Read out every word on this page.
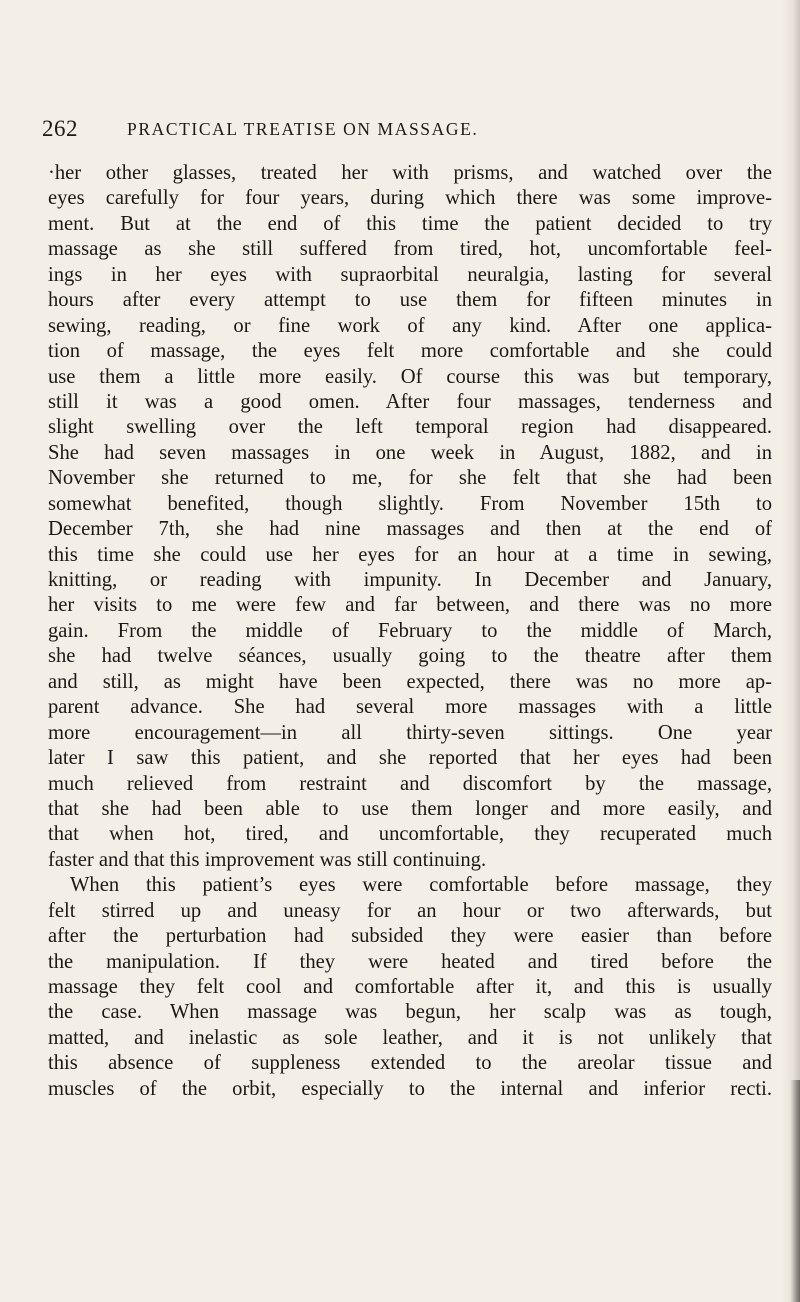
262	PRACTICAL TREATISE ON MASSAGE.
·her other glasses, treated her with prisms, and watched over the
eyes carefully for four years, during which there was some improve-
ment. But at the end of this time the patient decided to try
massage as she still suffered from tired, hot, uncomfortable feel-
ings in her eyes with supraorbital neuralgia, lasting for several
hours after every attempt to use them for fifteen minutes in
sewing, reading, or fine work of any kind. After one applica-
tion of massage, the eyes felt more comfortable and she could
use them a little more easily. Of course this was but temporary,
still it was a good omen. After four massages, tenderness and
slight swelling over the left temporal region had disappeared.
She had seven massages in one week in August, 1882, and in
November she returned to me, for she felt that she had been
somewhat benefited, though slightly. From November 15th to
December 7th, she had nine massages and then at the end of
this time she could use her eyes for an hour at a time in sewing,
knitting, or reading with impunity. In December and January,
her visits to me were few and far between, and there was no more
gain. From the middle of February to the middle of March,
she had twelve séances, usually going to the theatre after them
and still, as might have been expected, there was no more ap-
parent advance. She had several more massages with a little
more encouragement—in all thirty-seven sittings. One year
later I saw this patient, and she reported that her eyes had been
much relieved from restraint and discomfort by the massage,
that she had been able to use them longer and more easily, and
that when hot, tired, and uncomfortable, they recuperated much
faster and that this improvement was still continuing.
When this patient’s eyes were comfortable before massage, they
felt stirred up and uneasy for an hour or two afterwards, but
after the perturbation had subsided they were easier than before
the manipulation. If they were heated and tired before the
massage they felt cool and comfortable after it, and this is usually
the case. When massage was begun, her scalp was as tough,
matted, and inelastic as sole leather, and it is not unlikely that
this absence of suppleness extended to the areolar tissue and
muscles of the orbit, especially to the internal and inferior recti.
